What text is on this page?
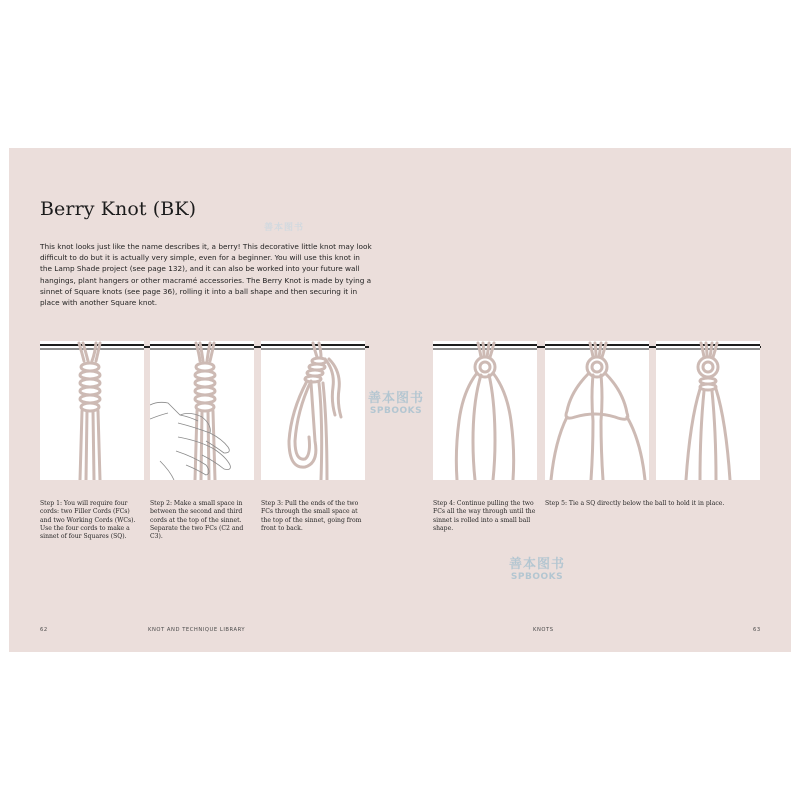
Berry Knot (BK)

This knot looks just like the name describes it, a berry! This decorative little knot may look difficult to do but it is actually very simple, even for a beginner. You will use this knot in the Lamp Shade project (see page 132), and it can also be worked into your future wall hangings, plant hangers or other macramé accessories. The Berry Knot is made by tying a sinnet of Square knots (see page 36), rolling it into a ball shape and then securing it in place with another Square knot.

Step 1: You will require four cords: two Filler Cords (FCs) and two Working Cords (WCs). Use the four cords to make a sinnet of four Squares (SQ).

Step 2: Make a small space in between the second and third cords at the top of the sinnet. Separate the two FCs (C2 and C3).

Step 3: Pull the ends of the two FCs through the small space at the top of the sinnet, going from front to back.

Step 4: Continue pulling the two FCs all the way through until the sinnet is rolled into a small ball shape.

Step 5: Tie a SQ directly below the ball to hold it in place.

62	KNOT AND TECHNIQUE LIBRARY	KNOTS	63

善本图书
善本图书
SPBOOKS
善本图书
SPBOOKS
